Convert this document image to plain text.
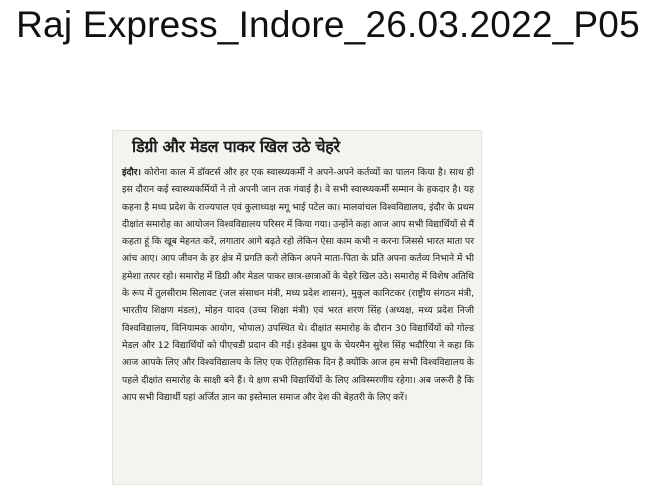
Raj Express_Indore_26.03.2022_P05
डिग्री और मेडल पाकर खिल उठे चेहरे
इंदौर। कोरोना काल में डॉक्टर्स और हर एक स्वास्थ्यकर्मी ने अपने-अपने कर्तव्यों का पालन किया है। साथ ही इस दौरान कई स्वास्थ्यकर्मियों ने तो अपनी जान तक गंवाई है। वे सभी स्वास्थ्यकर्मी सम्मान के हकदार है। यह कहना है मध्य प्रदेश के राज्यपाल एवं कुलाध्यक्ष मगू भाई पटेल का। मालवांचल विश्वविद्यालय, इंदौर के प्रथम दीक्षांत समारोह का आयोजन विश्वविद्यालय परिसर में किया गया। उन्होंने कहा आज आप सभी विद्यार्थियों से मैं कहता हूं कि खूब मेहनत करें, लगातार आगे बढ़ते रहो लेकिन ऐसा काम कभी न करना जिससे भारत माता पर आंच आए। आप जीवन के हर क्षेत्र में प्रगति करो लेकिन अपने माता-पिता के प्रति अपना कर्तव्य निभाने में भी हमेशा तत्पर रहो। समारोह में डिग्री और मेडल पाकर छात्र-छात्राओं के चेहरे खिल उठे। समारोह में विशेष अतिथि के रूप में तुलसीराम सिलावट (जल संसाधन मंत्री, मध्य प्रदेश शासन), मुकुल कानिटकर (राष्ट्रीय संगठन मंत्री, भारतीय शिक्षण मंडल), मोहन यादव (उच्च शिक्षा मंत्री) एवं भरत शरण सिंह (अध्यक्ष, मध्य प्रदेश निजी विश्वविद्यालय, विनियामक आयोग, भोपाल) उपस्थित थे। दीक्षांत समारोह के दौरान 30 विद्यार्थियों को गोल्ड मेडल और 12 विद्यार्थियों को पीएचडी प्रदान की गई। इंडेक्स ग्रुप के चेयरमैन सुरेश सिंह भदौरिया ने कहा कि आज आपके लिए और विश्वविद्यालय के लिए एक ऐतिहासिक दिन है क्योंकि आज हम सभी विश्वविद्यालय के पहले दीक्षांत समारोह के साक्षी बने हैं। ये क्षण सभी विद्यार्थियों के लिए अविस्मरणीय रहेगा। अब जरूरी है कि आप सभी विद्यार्थी यहां अर्जित ज्ञान का इस्तेमाल समाज और देश की बेहतरी के लिए करें।
